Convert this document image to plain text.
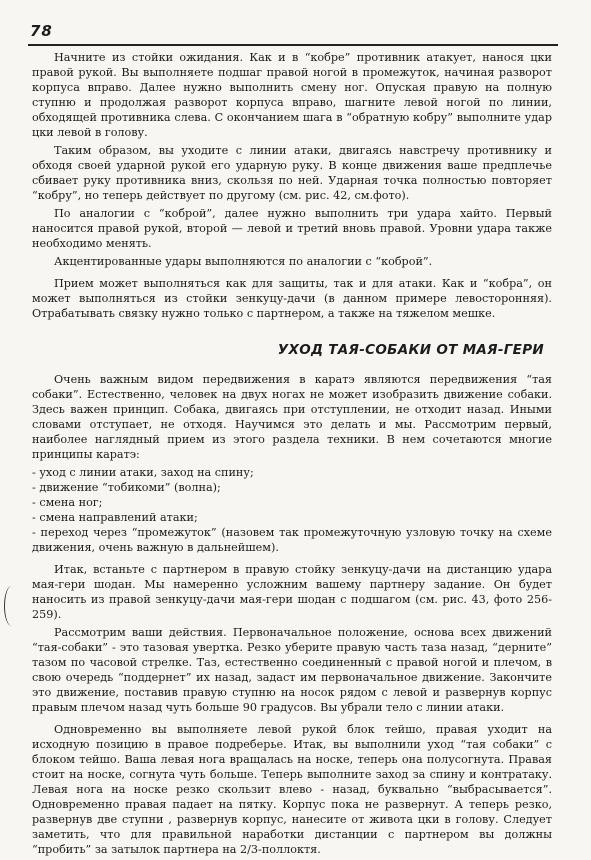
78

Начните из стойки ожидания. Как и в “кобре” противник атакует, нанося цки правой рукой. Вы выполняете подшаг правой ногой в промежуток, начиная разворот корпуса вправо. Далее нужно выполнить смену ног. Опуская правую на полную ступню и продолжая разворот корпуса вправо, шагните левой ногой по линии, обходящей противника слева. С окончанием шага в “обратную кобру” выполните удар цки левой в голову.

Таким образом, вы уходите с линии атаки, двигаясь навстречу противнику и обходя своей ударной рукой его ударную руку. В конце движения ваше предплечье сбивает руку противника вниз, скользя по ней. Ударная точка полностью повторяет “кобру”, но теперь действует по другому (см. рис. 42, см.фото).

По аналогии с “коброй”, далее нужно выполнить три удара хайто. Первый наносится правой рукой, второй — левой и третий вновь правой. Уровни удара также необходимо менять.

Акцентированные удары выполняются по аналогии с “коброй”.

Прием может выполняться как для защиты, так и для атаки. Как и “кобра”, он может выполняться из стойки зенкуцу-дачи (в данном примере левосторонняя). Отрабатывать связку нужно только с партнером, а также на тяжелом мешке.

УХОД ТАЯ-СОБАКИ ОТ МАЯ-ГЕРИ

Очень важным видом передвижения в каратэ являются передвижения “тая собаки”. Естественно, человек на двух ногах не может изобразить движение собаки. Здесь важен принцип. Собака, двигаясь при отступлении, не отходит назад. Иными словами отступает, не отходя. Научимся это делать и мы. Рассмотрим первый, наиболее наглядный прием из этого раздела техники. В нем сочетаются многие принципы каратэ:

- уход с линии атаки, заход на спину;

- движение “тобикоми” (волна);

- смена ног;

- смена направлений атаки;

- переход через “промежуток” (назовем так промежуточную узловую точку на схеме движения, очень важную в дальнейшем).

Итак, встаньте с партнером в правую стойку зенкуцу-дачи на дистанцию удара мая-гери шодан. Мы намеренно усложним вашему партнеру задание. Он будет наносить из правой зенкуцу-дачи мая-гери шодан с подшагом (см. рис. 43, фото 256-259).

Рассмотрим ваши действия. Первоначальное положение, основа всех движений “тая-собаки” - это тазовая увертка. Резко уберите правую часть таза назад, “дерните” тазом по часовой стрелке. Таз, естественно соединенный с правой ногой и плечом, в свою очередь “поддернет” их назад, задаст им первоначальное движение. Закончите это движение, поставив правую ступню на носок рядом с левой и развернув корпус правым плечом назад чуть больше 90 градусов. Вы убрали тело с линии атаки.

Одновременно вы выполняете левой рукой блок тейшо, правая уходит на исходную позицию в правое подреберье. Итак, вы выполнили уход “тая собаки” с блоком тейшо. Ваша левая нога вращалась на носке, теперь она полусогнута. Правая стоит на носке, согнута чуть больше. Теперь выполните заход за спину и контратаку. Левая нога на носке резко скользит влево - назад, буквально “выбрасывается”. Одновременно правая падает на пятку. Корпус пока не развернут. А теперь резко, развернув две ступни , развернув корпус, нанесите от живота цки в голову. Следует заметить, что для правильной наработки дистанции с партнером вы должны “пробить” за затылок партнера на 2/3-поллоктя.
